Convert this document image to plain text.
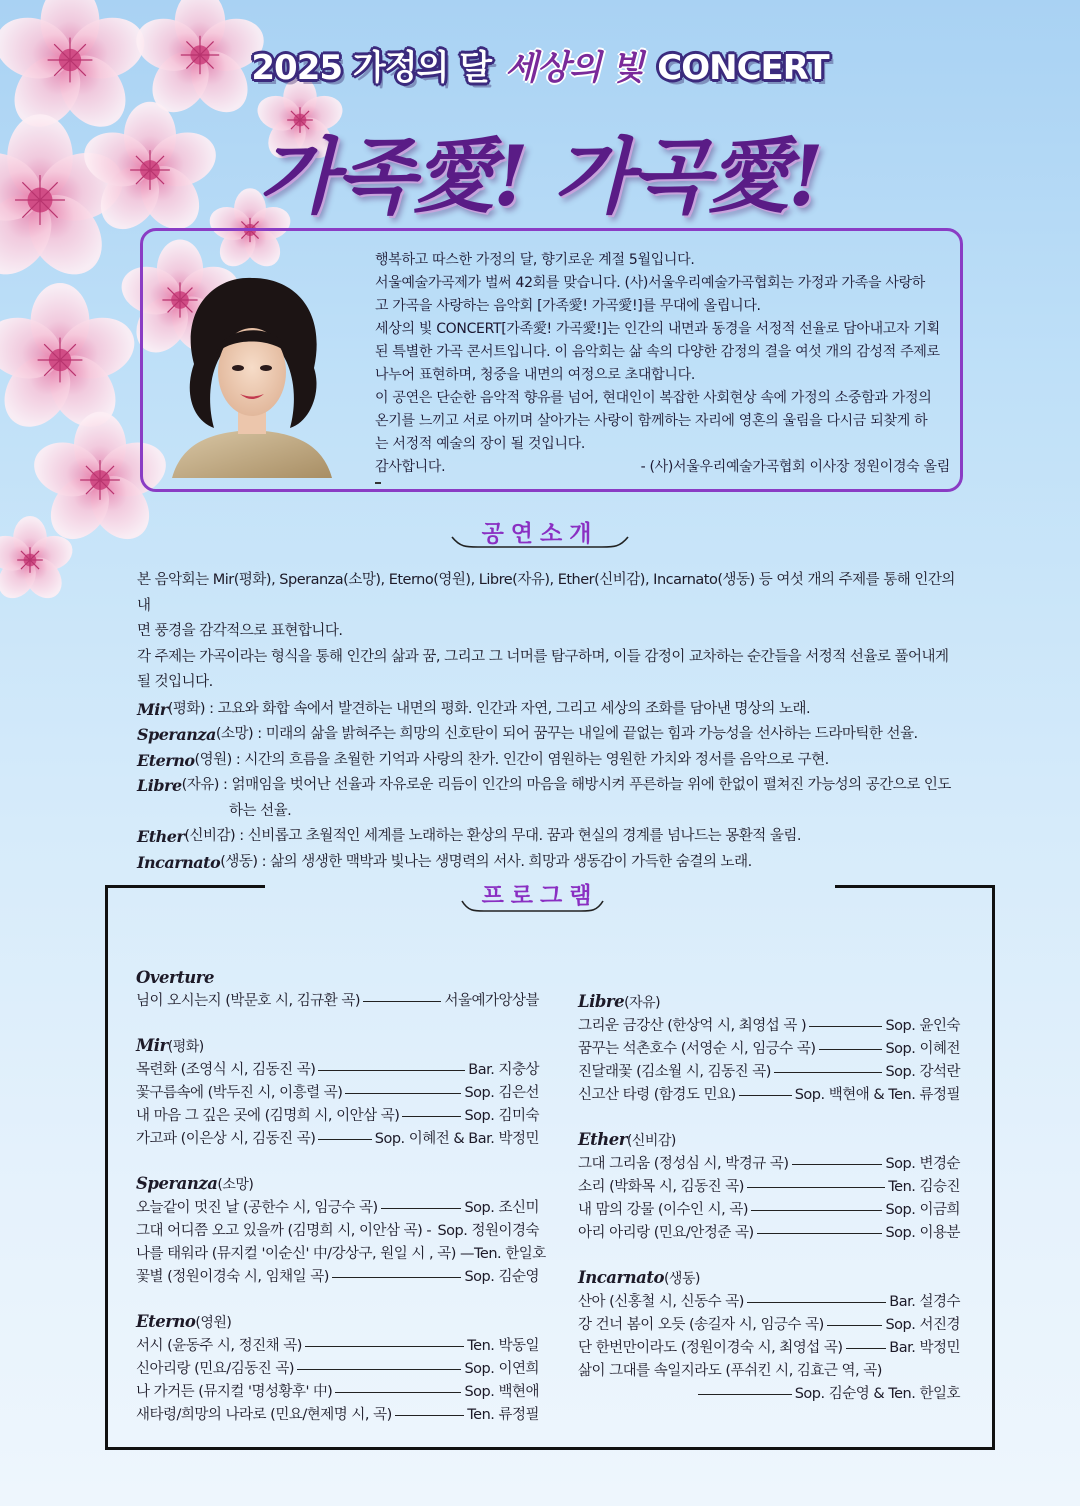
2025 가정의 달 세상의 빛 CONCERT
가족愛! 가곡愛!

행복하고 따스한 가정의 달, 향기로운 계절 5월입니다.

서울예술가곡제가 벌써 42회를 맞습니다. (사)서울우리예술가곡협회는 가정과 가족을 사랑하

고 가곡을 사랑하는 음악회 [가족愛! 가곡愛!]를 무대에 올립니다.

세상의 빛 CONCERT[가족愛! 가곡愛!]는 인간의 내면과 동경을 서정적 선율로 담아내고자 기획

된 특별한 가곡 콘서트입니다. 이 음악회는 삶 속의 다양한 감정의 결을 여섯 개의 감성적 주제로

나누어 표현하며, 청중을 내면의 여정으로 초대합니다.

이 공연은 단순한 음악적 향유를 넘어, 현대인이 복잡한 사회현상 속에 가정의 소중함과 가정의

온기를 느끼고 서로 아끼며 살아가는 사랑이 함께하는 자리에 영혼의 울림을 다시금 되찾게 하

는 서정적 예술의 장이 될 것입니다.

감사합니다.	- (사)서울우리예술가곡협회 이사장 정원이경숙 올림
공연소개

본 음악회는 Mir(평화), Speranza(소망), Eterno(영원), Libre(자유), Ether(신비감), Incarnato(생동) 등 여섯 개의 주제를 통해 인간의 내

면 풍경을 감각적으로 표현합니다.

각 주제는 가곡이라는 형식을 통해 인간의 삶과 꿈, 그리고 그 너머를 탐구하며, 이들 감정이 교차하는 순간들을 서정적 선율로 풀어내게

될 것입니다.

Mir (평화) : 고요와 화합 속에서 발견하는 내면의 평화. 인간과 자연, 그리고 세상의 조화를 담아낸 명상의 노래.

Speranza (소망) : 미래의 삶을 밝혀주는 희망의 신호탄이 되어 꿈꾸는 내일에 끝없는 힘과 가능성을 선사하는 드라마틱한 선율.

Eterno (영원) : 시간의 흐름을 초월한 기억과 사랑의 찬가. 인간이 염원하는 영원한 가치와 정서를 음악으로 구현.

Libre (자유) : 얽매임을 벗어난 선율과 자유로운 리듬이 인간의 마음을 해방시켜 푸른하늘 위에 한없이 펼쳐진 가능성의 공간으로 인도

하는 선율.

Ether (신비감) : 신비롭고 초월적인 세계를 노래하는 환상의 무대. 꿈과 현실의 경계를 넘나드는 몽환적 울림.

Incarnato (생동) : 삶의 생생한 맥박과 빛나는 생명력의 서사. 희망과 생동감이 가득한 숨결의 노래.

프로그램
Overture
님이 오시는지 (박문호 시, 김규환 곡)	서울예가앙상블
Mir(평화)
목련화 (조영식 시, 김동진 곡)	Bar. 지충상
꽃구름속에 (박두진 시, 이흥렬 곡)	Sop. 김은선
내 마음 그 깊은 곳에 (김명희 시, 이안삼 곡)	Sop. 김미숙
가고파 (이은상 시, 김동진 곡)	Sop. 이혜전 & Bar. 박정민
Speranza(소망)
오늘같이 멋진 날 (공한수 시, 임긍수 곡)	Sop. 조신미
그대 어디쯤 오고 있을까 (김명희 시, 이안삼 곡) - Sop. 정원이경숙
나를 태워라 (뮤지컬 '이순신' 中/강상구, 원일 시 , 곡) — Ten. 한일호
꽃별 (정원이경숙 시, 임채일 곡)	Sop. 김순영
Eterno(영원)
서시 (윤동주 시, 정진채 곡)	Ten. 박동일
신아리랑 (민요/김동진 곡)	Sop. 이연희
나 가거든 (뮤지컬 '명성황후' 中)	Sop. 백현애
새타령/희망의 나라로 (민요/현제명 시, 곡)	Ten. 류정필
Libre(자유)
그리운 금강산 (한상억 시, 최영섭 곡 )	Sop. 윤인숙
꿈꾸는 석촌호수 (서영순 시, 임긍수 곡)	Sop. 이혜전
진달래꽃 (김소월 시, 김동진 곡)	Sop. 강석란
신고산 타령 (함경도 민요)	Sop. 백현애 & Ten. 류정필
Ether(신비감)
그대 그리움 (정성심 시, 박경규 곡)	Sop. 변경순
소리 (박화목 시, 김동진 곡)	Ten. 김승진
내 맘의 강물 (이수인 시, 곡)	Sop. 이금희
아리 아리랑 (민요/안정준 곡)	Sop. 이용분
Incarnato(생동)
산아 (신홍철 시, 신동수 곡)	Bar. 설경수
강 건너 봄이 오듯 (송길자 시, 임긍수 곡)	Sop. 서진경
단 한번만이라도 (정원이경숙 시, 최영섭 곡)	Bar. 박정민
삶이 그대를 속일지라도 (푸쉬킨 시, 김효근 역, 곡)
Sop. 김순영 & Ten. 한일호
